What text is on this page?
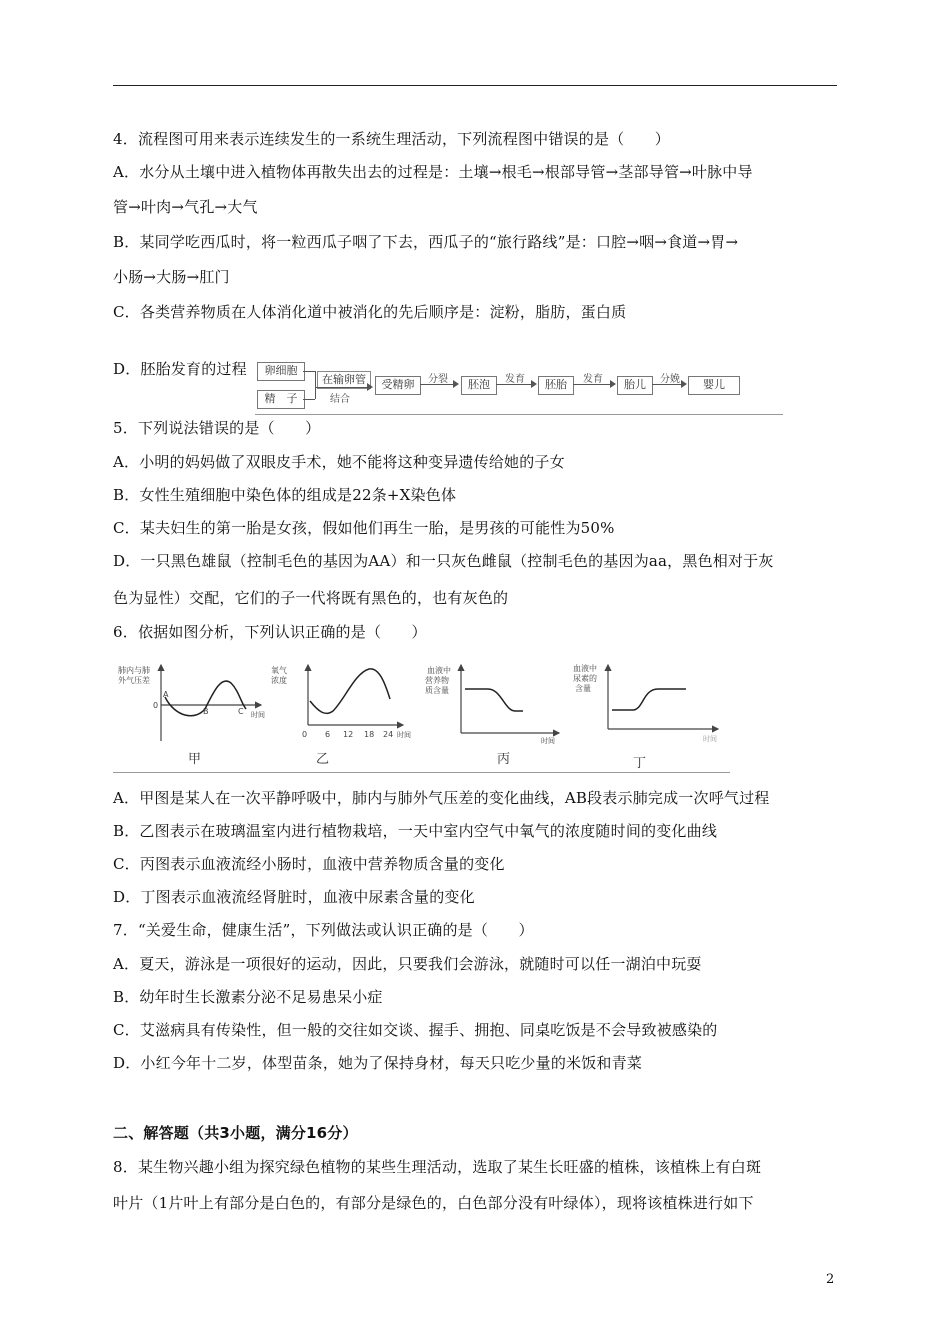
4．流程图可用来表示连续发生的一系统生理活动，下列流程图中错误的是（　　）
A．水分从土壤中进入植物体再散失出去的过程是：土壤→根毛→根部导管→茎部导管→叶脉中导
管→叶肉→气孔→大气
B．某同学吃西瓜时，将一粒西瓜子咽了下去，西瓜子的“旅行路线”是：口腔→咽→食道→胃→
小肠→大肠→肛门
C．各类营养物质在人体消化道中被消化的先后顺序是：淀粉，脂肪，蛋白质
D．胚胎发育的过程	卵细胞
精　子
在输卵管
结合
受精卵	分裂	胚泡	发育	胚胎	发育	胎儿	分娩	婴儿
5．下列说法错误的是（　　）
A．小明的妈妈做了双眼皮手术，她不能将这种变异遗传给她的子女
B．女性生殖细胞中染色体的组成是22条+X染色体
C．某夫妇生的第一胎是女孩，假如他们再生一胎，是男孩的可能性为50%
D．一只黑色雄鼠（控制毛色的基因为AA）和一只灰色雌鼠（控制毛色的基因为aa，黑色相对于灰
色为显性）交配，它们的子一代将既有黑色的，也有灰色的
6．依据如图分析，下列认识正确的是（　　）
肺内与肺
外气压差
0
A
B	C 时间
甲
氧气
浓度
0 6 12 18 24 时间
乙
血液中
营养物
质含量
时间
丙
血液中
尿素的
含量
时间
丁
A．甲图是某人在一次平静呼吸中，肺内与肺外气压差的变化曲线，AB段表示肺完成一次呼气过程
B．乙图表示在玻璃温室内进行植物栽培，一天中室内空气中氧气的浓度随时间的变化曲线
C．丙图表示血液流经小肠时，血液中营养物质含量的变化
D．丁图表示血液流经肾脏时，血液中尿素含量的变化
7．“关爱生命，健康生活”，下列做法或认识正确的是（　　）
A．夏天，游泳是一项很好的运动，因此，只要我们会游泳，就随时可以任一湖泊中玩耍
B．幼年时生长激素分泌不足易患呆小症
C．艾滋病具有传染性，但一般的交往如交谈、握手、拥抱、同桌吃饭是不会导致被感染的
D．小红今年十二岁，体型苗条，她为了保持身材，每天只吃少量的米饭和青菜
二、解答题（共3小题，满分16分）
8．某生物兴趣小组为探究绿色植物的某些生理活动，选取了某生长旺盛的植株，该植株上有白斑
叶片（1片叶上有部分是白色的，有部分是绿色的，白色部分没有叶绿体），现将该植株进行如下
2
